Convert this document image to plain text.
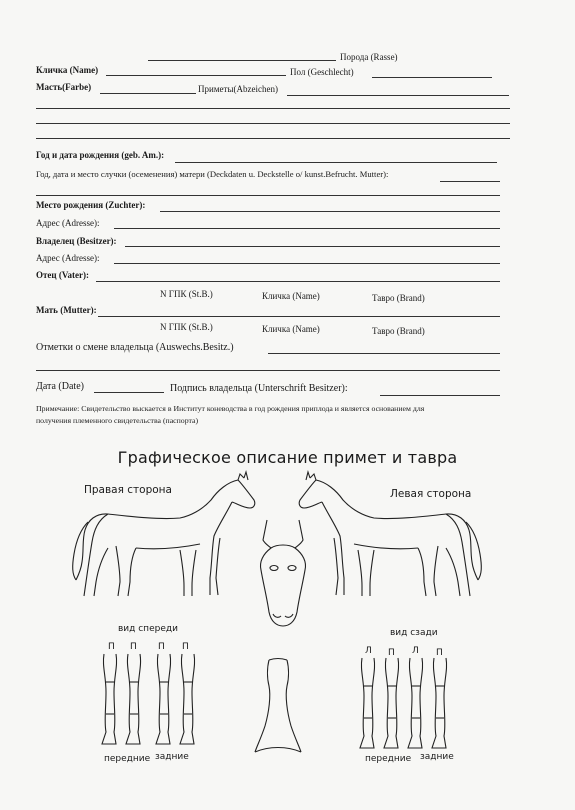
Порода (Rasse)
Кличка (Name)	Пол (Geschlecht)
Масть(Farbe)	Приметы(Abzeichen)
Год и дата рождения (geb. Am.):
Год, дата и место случки (осеменения) матери (Deckdaten u. Deckstelle o/ kunst.Befrucht. Mutter):
Место рождения (Zuchter):
Адрес (Adresse):
Владелец (Besitzer):
Адрес (Adresse):
Отец (Vater):
N ГПК (St.B.)	Кличка (Name)	Тавро (Brand)
Мать (Mutter):
N ГПК (St.B.)	Кличка (Name)	Тавро (Brand)
Отметки о смене владельца (Auswechs.Besitz.)
Дата (Date)	Подпись владельца (Unterschrift Besitzer):
Примечание: Свидетельство выскается в Институт коневодства в год рождения приплода и является основанием для
получения племенного свидетельства (паспорта)
Графическое описание примет и тавра
Правая сторона	Левая сторона
вид спереди	вид сзади
П П П П	Л П Л П
передние задние	передние задние
